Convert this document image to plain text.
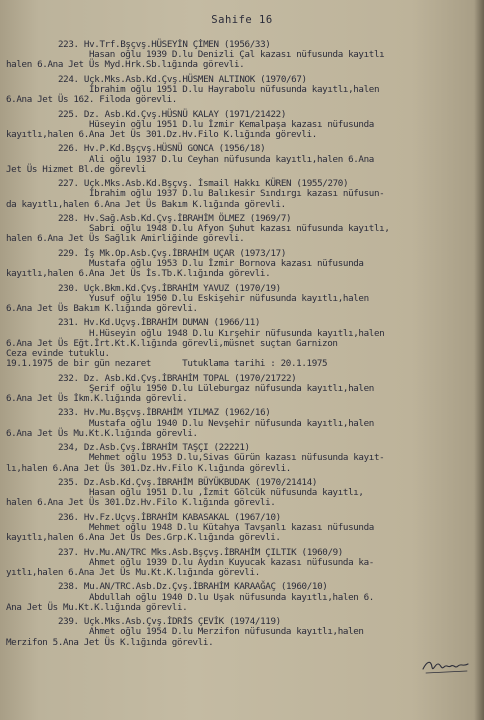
Sahife 16
223. Hv.Trf.Bşçvş.HÜSEYİN ÇİMEN (1956/33)
Hasan oğlu 1939 D.lu Denizli Çal kazası nüfusunda kayıtlı
halen 6.Ana Jet Üs Myd.Hrk.Sb.lığında görevli.
224. Uçk.Mks.Asb.Kd.Çvş.HÜSMEN ALTINOK (1970/67)
İbrahim oğlu 1951 D.lu Hayrabolu nüfusunda kayıtlı,halen
6.Ana Jet Üs 162. Filoda görevli.
225. Dz. Asb.Kd.Çvş.HÜSNÜ KALAY (1971/21422)
Hüseyin oğlu 1951 D.lu İzmir Kemalpaşa kazası nüfusunda
kayıtlı,halen 6.Ana Jet Üs 301.Dz.Hv.Filo K.lığında görevli.
226. Hv.P.Kd.Bşçvş.HÜSNÜ GONCA (1956/18)
Ali oğlu 1937 D.lu Ceyhan nüfusunda kayıtlı,halen 6.Ana
Jet Üs Hizmet Bl.de görevli
227. Uçk.Mks.Asb.Kd.Bşçvş. İsmail Hakkı KÜREN (1955/270)
İbrahim oğlu 1937 D.lu Balıkesir Sındırgı kazası nüfusun-
da kayıtlı,halen 6.Ana Jet Üs Bakım K.lığında görevli.
228. Hv.Sağ.Asb.Kd.Çvş.İBRAHİM ÖLMEZ (1969/7)
Sabri oğlu 1948 D.lu Afyon Şuhut kazası nüfusunda kayıtlı,
halen 6.Ana Jet Üs Sağlık Amirliğinde görevli.
229. İş Mk.Op.Asb.Çvş.İBRAHİM UÇAR (1973/17)
Mustafa oğlu 1953 D.lu İzmir Bornova kazası nüfusunda
kayıtlı,halen 6.Ana Jet Üs İs.Tb.K.lığında görevli.
230. Uçk.Bkm.Kd.Çvş.İBRAHİM YAVUZ (1970/19)
Yusuf oğlu 1950 D.lu Eskişehir nüfusunda kayıtlı,halen
6.Ana Jet Üs Bakım K.lığında görevli.
231. Hv.Kd.Uçvş.İBRAHİM DUMAN (1966/11)
H.Hüseyin oğlu 1948 D.lu Kırşehir nüfusunda kayıtlı,halen
6.Ana Jet Üs Eğt.İrt.Kt.K.lığında görevli,müsnet suçtan Garnizon
Ceza evinde tutuklu.
19.1.1975 de bir gün nezaret      Tutuklama tarihi : 20.1.1975
232. Dz. Asb.Kd.Çvş.İBRAHİM TOPAL (1970/21722)
Şerif oğlu 1950 D.lu Lüleburgaz nüfusunda kayıtlı,halen
6.Ana Jet Üs İkm.K.lığında görevli.
233. Hv.Mu.Bşçvş.İBRAHİM YILMAZ (1962/16)
Mustafa oğlu 1940 D.lu Nevşehir nüfusunda kayıtlı,halen
6.Ana Jet Üs Mu.Kt.K.lığında görevli.
234, Dz.Asb.Çvş.İBRAHİM TAŞÇI (22221)
Mehmet oğlu 1953 D.lu,Sivas Gürün kazası nüfusunda kayıt-
lı,halen 6.Ana Jet Üs 301.Dz.Hv.Filo K.lığında görevli.
235. Dz.Asb.Kd.Çvş.İBRAHİM BÜYÜKBUDAK (1970/21414)
Hasan oğlu 1951 D.lu ,İzmit Gölcük nüfusunda kayıtlı,
halen 6.Ana Jet Üs 301.Dz.Hv.Filo K.lığında görevli.
236. Hv.Fz.Uçvş.İBRAHİM KABASAKAL (1967/10)
Mehmet oğlu 1948 D.lu Kütahya Tavşanlı kazası nüfusunda
kayıtlı,halen 6.Ana Jet Üs Des.Grp.K.lığında görevli.
237. Hv.Mu.AN/TRC Mks.Asb.Bşçvş.İBRAHİM ÇILTIK (1960/9)
Ahmet oğlu 1939 D.lu Aydın Kuyucak kazası nüfusunda ka-
yıtlı,halen 6.Ana Jet Üs Mu.Kt.K.lığında görevli.
238. Mu.AN/TRC.Asb.Dz.Çvş.İBRAHİM KARAAĞAÇ (1960/10)
Abdullah oğlu 1940 D.lu Uşak nüfusunda kayıtlı,halen 6.
Ana Jet Üs Mu.Kt.K.lığında görevli.
239. Uçk.Mks.Asb.Çvş.İDRİS ÇEVİK (1974/119)
Ahmet oğlu 1954 D.lu Merzifon nüfusunda kayıtlı,halen
Merzifon 5.Ana Jet Üs K.lığında görevli.
